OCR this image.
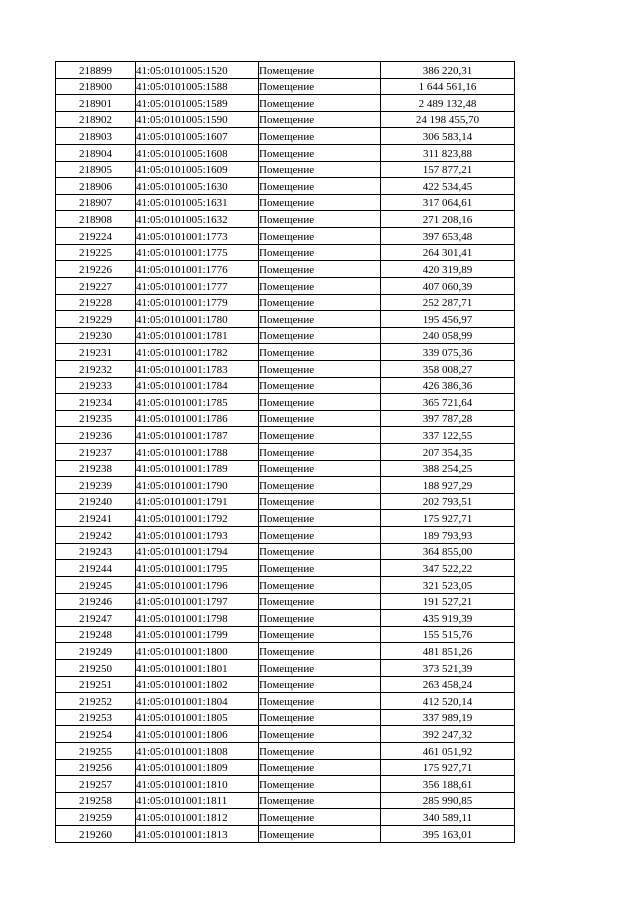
218899	41:05:0101005:1520	Помещение	386 220,31
218900	41:05:0101005:1588	Помещение	1 644 561,16
218901	41:05:0101005:1589	Помещение	2 489 132,48
218902	41:05:0101005:1590	Помещение	24 198 455,70
218903	41:05:0101005:1607	Помещение	306 583,14
218904	41:05:0101005:1608	Помещение	311 823,88
218905	41:05:0101005:1609	Помещение	157 877,21
218906	41:05:0101005:1630	Помещение	422 534,45
218907	41:05:0101005:1631	Помещение	317 064,61
218908	41:05:0101005:1632	Помещение	271 208,16
219224	41:05:0101001:1773	Помещение	397 653,48
219225	41:05:0101001:1775	Помещение	264 301,41
219226	41:05:0101001:1776	Помещение	420 319,89
219227	41:05:0101001:1777	Помещение	407 060,39
219228	41:05:0101001:1779	Помещение	252 287,71
219229	41:05:0101001:1780	Помещение	195 456,97
219230	41:05:0101001:1781	Помещение	240 058,99
219231	41:05:0101001:1782	Помещение	339 075,36
219232	41:05:0101001:1783	Помещение	358 008,27
219233	41:05:0101001:1784	Помещение	426 386,36
219234	41:05:0101001:1785	Помещение	365 721,64
219235	41:05:0101001:1786	Помещение	397 787,28
219236	41:05:0101001:1787	Помещение	337 122,55
219237	41:05:0101001:1788	Помещение	207 354,35
219238	41:05:0101001:1789	Помещение	388 254,25
219239	41:05:0101001:1790	Помещение	188 927,29
219240	41:05:0101001:1791	Помещение	202 793,51
219241	41:05:0101001:1792	Помещение	175 927,71
219242	41:05:0101001:1793	Помещение	189 793,93
219243	41:05:0101001:1794	Помещение	364 855,00
219244	41:05:0101001:1795	Помещение	347 522,22
219245	41:05:0101001:1796	Помещение	321 523,05
219246	41:05:0101001:1797	Помещение	191 527,21
219247	41:05:0101001:1798	Помещение	435 919,39
219248	41:05:0101001:1799	Помещение	155 515,76
219249	41:05:0101001:1800	Помещение	481 851,26
219250	41:05:0101001:1801	Помещение	373 521,39
219251	41:05:0101001:1802	Помещение	263 458,24
219252	41:05:0101001:1804	Помещение	412 520,14
219253	41:05:0101001:1805	Помещение	337 989,19
219254	41:05:0101001:1806	Помещение	392 247,32
219255	41:05:0101001:1808	Помещение	461 051,92
219256	41:05:0101001:1809	Помещение	175 927,71
219257	41:05:0101001:1810	Помещение	356 188,61
219258	41:05:0101001:1811	Помещение	285 990,85
219259	41:05:0101001:1812	Помещение	340 589,11
219260	41:05:0101001:1813	Помещение	395 163,01
